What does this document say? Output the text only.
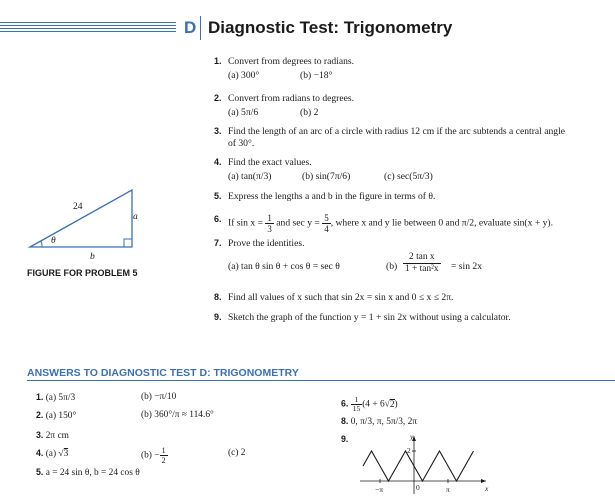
D Diagnostic Test: Trigonometry
1. Convert from degrees to radians.
(a) 300°	(b) −18°
2. Convert from radians to degrees.
(a) 5π/6	(b) 2
3. Find the length of an arc of a circle with radius 12 cm if the arc subtends a central angle
of 30°.
4. Find the exact values.
(a) tan(π/3)	(b) sin(7π/6)	(c) sec(5π/3)
5. Express the lengths a and b in the figure in terms of θ.
6. If $\sin x = \frac{1}{3}$ and $\sec y = \frac{5}{4}$ , where x and y lie between 0 and π/2, evaluate sin(x + y).
7. Prove the identities.
(a) tan θ sin θ + cos θ = sec θ	$(b) \frac{\text{2 tan x}}{\text{1 + tan²x}} = \sin 2x$
8. Find all values of x such that sin 2x = sin x and 0 ≤ x ≤ 2π.
9. Sketch the graph of the function y = 1 + sin 2x without using a calculator.
24
a
θ
b
FIGURE FOR PROBLEM 5
ANSWERS TO DIAGNOSTIC TEST D: TRIGONOMETRY
1. (a) 5π/3	(b) −π/10
2. (a) 150°	(b) 360°/π ≈ 114.6°
3. 2π cm
4. (a) √3	$(b) - \frac{1}{2}$	(c) 2
5. a = 24 sin θ, b = 24 cos θ
6. $\frac{1}{15} (4 + 6√2)$
8. 0, π/3, π, 5π/3, 2π
9.	y
2
x
0
−π	π
